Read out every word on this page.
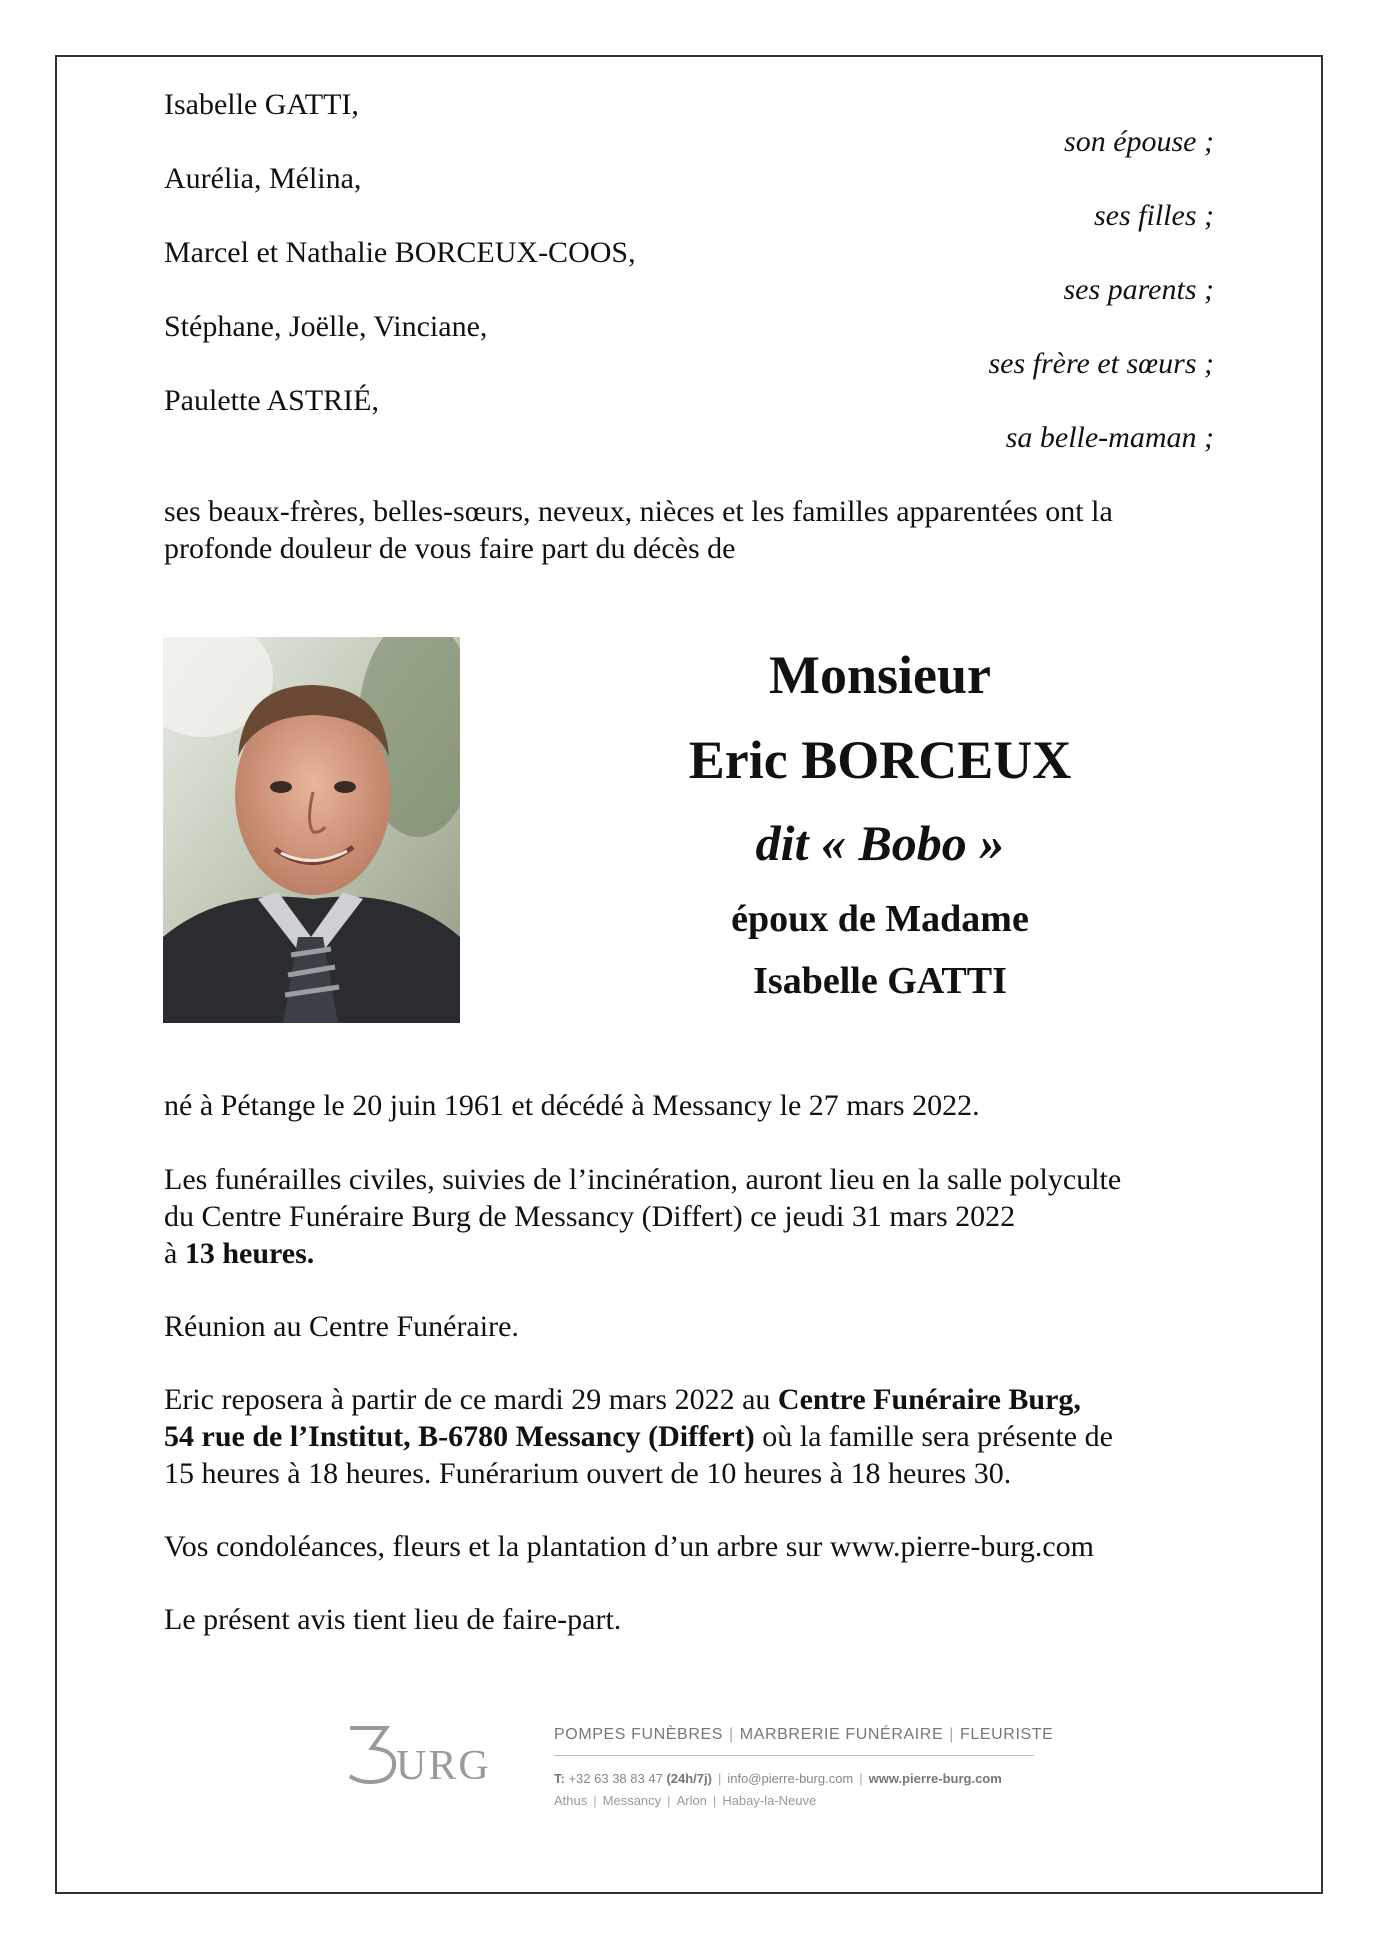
Isabelle GATTI,
son épouse ;
Aurélia, Mélina,
ses filles ;
Marcel et Nathalie BORCEUX-COOS,
ses parents ;
Stéphane, Joëlle, Vinciane,
ses frère et sœurs ;
Paulette ASTRIÉ,
sa belle-maman ;
ses beaux-frères, belles-sœurs, neveux, nièces et les familles apparentées ont la
profonde douleur de vous faire part du décès de
Monsieur
Eric BORCEUX
dit « Bobo »
époux de Madame
Isabelle GATTI
né à Pétange le 20 juin 1961 et décédé à Messancy le 27 mars 2022.
Les funérailles civiles, suivies de l’incinération, auront lieu en la salle polyculte
du Centre Funéraire Burg de Messancy (Differt) ce jeudi 31 mars 2022
à 13 heures.
Réunion au Centre Funéraire.
Eric reposera à partir de ce mardi 29 mars 2022 au Centre Funéraire Burg,
54 rue de l’Institut, B-6780 Messancy (Differt) où la famille sera présente de
15 heures à 18 heures. Funérarium ouvert de 10 heures à 18 heures 30.
Vos condoléances, fleurs et la plantation d’un arbre sur www.pierre-burg.com
Le présent avis tient lieu de faire-part.
URG
POMPES FUNÈBRES | MARBRERIE FUNÉRAIRE | FLEURISTE
T: +32 63 38 83 47 (24h/7j) | info@pierre-burg.com | www.pierre-burg.com
Athus | Messancy | Arlon | Habay-la-Neuve
